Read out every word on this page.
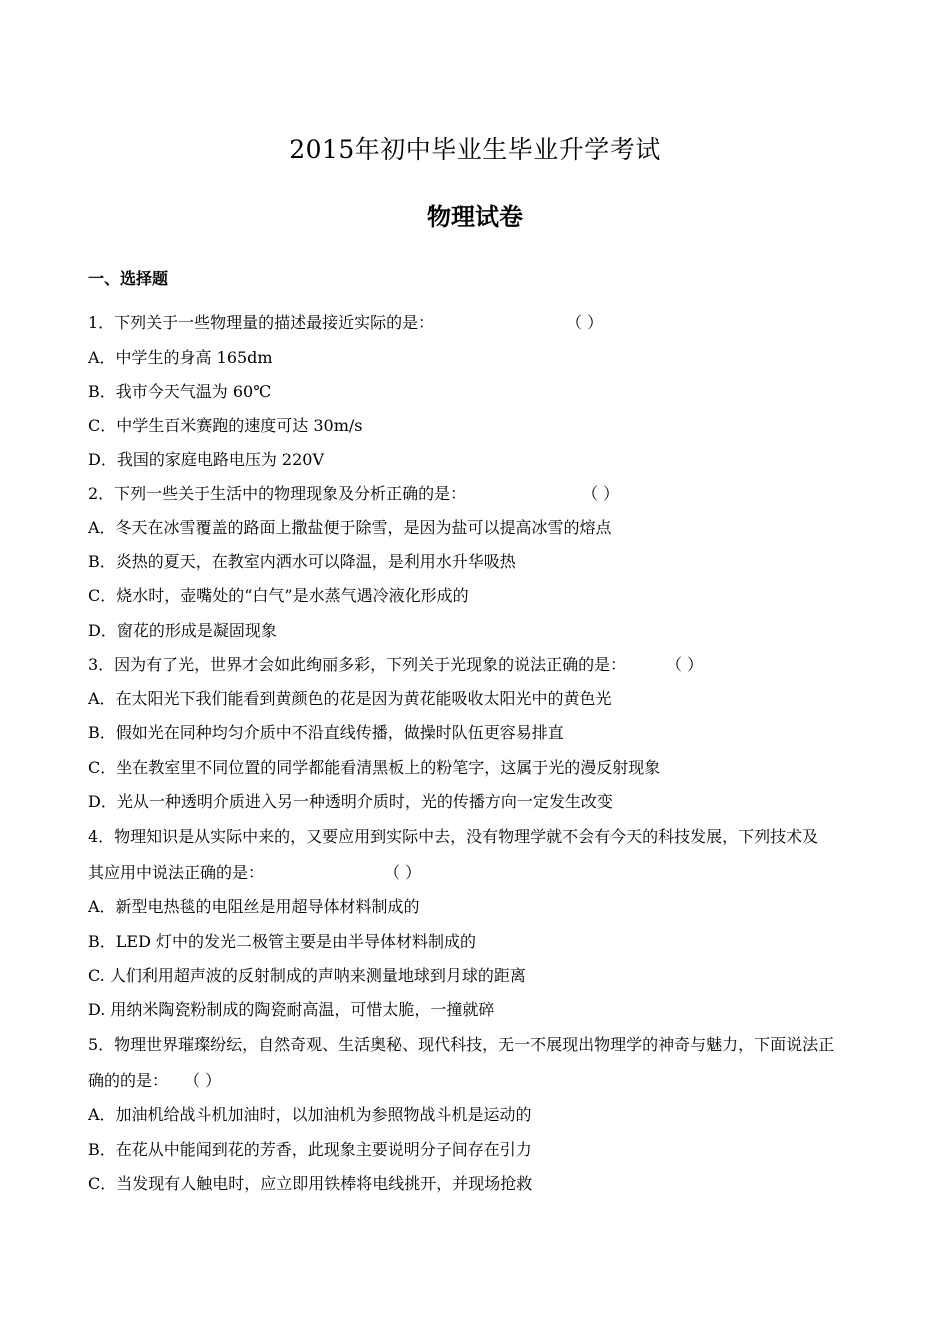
2015年初中毕业生毕业升学考试
物理试卷
一、选择题
1．下列关于一些物理量的描述最接近实际的是：	（ ）
A．中学生的身高 165dm
B．我市今天气温为 60℃
C．中学生百米赛跑的速度可达 30m/s
D．我国的家庭电路电压为 220V
2．下列一些关于生活中的物理现象及分析正确的是：	（ ）
A．冬天在冰雪覆盖的路面上撒盐便于除雪，是因为盐可以提高冰雪的熔点
B．炎热的夏天，在教室内洒水可以降温，是利用水升华吸热
C．烧水时，壶嘴处的“白气”是水蒸气遇冷液化形成的
D．窗花的形成是凝固现象
3．因为有了光，世界才会如此绚丽多彩，下列关于光现象的说法正确的是： （ ）
A．在太阳光下我们能看到黄颜色的花是因为黄花能吸收太阳光中的黄色光
B．假如光在同种均匀介质中不沿直线传播，做操时队伍更容易排直
C．坐在教室里不同位置的同学都能看清黑板上的粉笔字，这属于光的漫反射现象
D．光从一种透明介质进入另一种透明介质时，光的传播方向一定发生改变
4．物理知识是从实际中来的，又要应用到实际中去，没有物理学就不会有今天的科技发展，下列技术及
其应用中说法正确的是：	（ ）
A．新型电热毯的电阻丝是用超导体材料制成的
B．LED 灯中的发光二极管主要是由半导体材料制成的
C. 人们利用超声波的反射制成的声呐来测量地球到月球的距离
D. 用纳米陶瓷粉制成的陶瓷耐高温，可惜太脆，一撞就碎
5．物理世界璀璨纷纭，自然奇观、生活奥秘、现代科技，无一不展现出物理学的神奇与魅力，下面说法正
确的的是： （ ）
A．加油机给战斗机加油时，以加油机为参照物战斗机是运动的
B．在花从中能闻到花的芳香，此现象主要说明分子间存在引力
C．当发现有人触电时，应立即用铁棒将电线挑开，并现场抢救
